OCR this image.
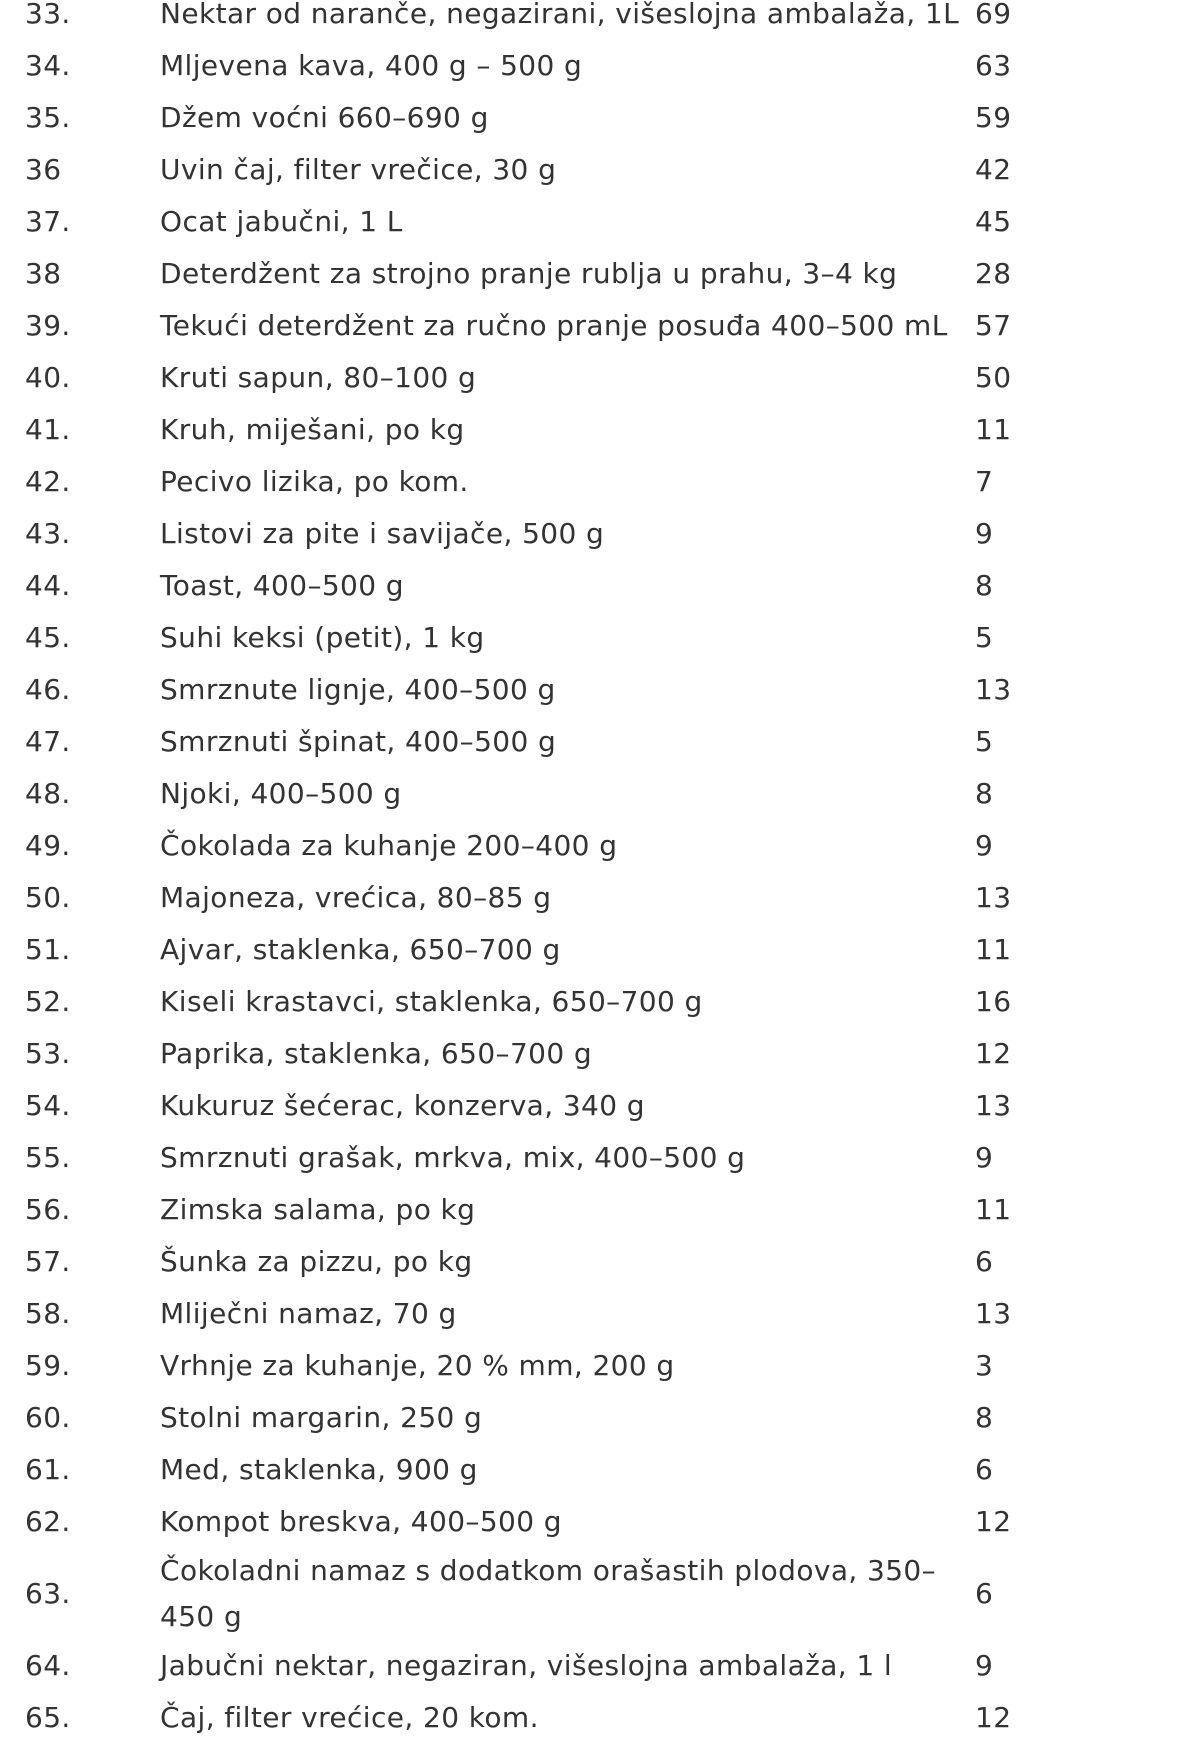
33.	Nektar od naranče, negazirani, višeslojna ambalaža, 1L	69
34.	Mljevena kava, 400 g – 500 g	63
35.	Džem voćni 660–690 g	59
36	Uvin čaj, filter vrečice, 30 g	42
37.	Ocat jabučni, 1 L	45
38	Deterdžent za strojno pranje rublja u prahu, 3–4 kg	28
39.	Tekući deterdžent za ručno pranje posuđa 400–500 mL	57
40.	Kruti sapun, 80–100 g	50
41.	Kruh, miješani, po kg	11
42.	Pecivo lizika, po kom.	7
43.	Listovi za pite i savijače, 500 g	9
44.	Toast, 400–500 g	8
45.	Suhi keksi (petit), 1 kg	5
46.	Smrznute lignje, 400–500 g	13
47.	Smrznuti špinat, 400–500 g	5
48.	Njoki, 400–500 g	8
49.	Čokolada za kuhanje 200–400 g	9
50.	Majoneza, vrećica, 80–85 g	13
51.	Ajvar, staklenka, 650–700 g	11
52.	Kiseli krastavci, staklenka, 650–700 g	16
53.	Paprika, staklenka, 650–700 g	12
54.	Kukuruz šećerac, konzerva, 340 g	13
55.	Smrznuti grašak, mrkva, mix, 400–500 g	9
56.	Zimska salama, po kg	11
57.	Šunka za pizzu, po kg	6
58.	Mliječni namaz, 70 g	13
59.	Vrhnje za kuhanje, 20 % mm, 200 g	3
60.	Stolni margarin, 250 g	8
61.	Med, staklenka, 900 g	6
62.	Kompot breskva, 400–500 g	12
63.	Čokoladni namaz s dodatkom orašastih plodova, 350–450 g	6
64.	Jabučni nektar, negaziran, višeslojna ambalaža, 1 l	9
65.	Čaj, filter vrećice, 20 kom.	12
